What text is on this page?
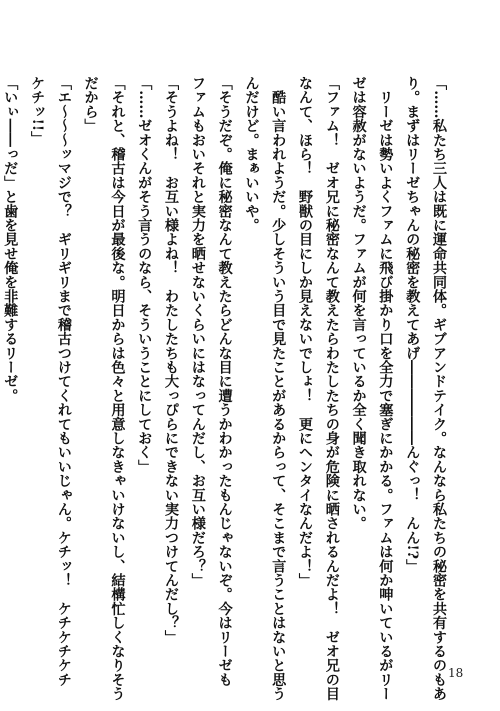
「……私たち三人は既に運命共同体。ギブアンドテイク。なんなら私たちの秘密を共有するのもあ

り。まずはリーゼちゃんの秘密を教えてあげ――――――んぐっ！　んん!?」

　リーゼは勢いよくファムに飛び掛かり口を全力で塞ぎにかかる。ファムは何か呻いているがリー

ゼは容赦がないようだ。ファムが何を言っているか全く聞き取れない。

「ファム！　ゼオ兄に秘密なんて教えたらわたしたちの身が危険に晒されるんだよ！　ゼオ兄の目

なんて、ほら！　野獣の目にしか見えないでしょ！　更にヘンタイなんだよ！」

　酷い言われようだ。少しそういう目で見たことがあるからって、そこまで言うことはないと思う

んだけど。まぁいいや。

「そうだぞ。俺に秘密なんて教えたらどんな目に遭うかわかったもんじゃないぞ。今はリーゼも

ファムもおいそれと実力を晒せないくらいにはなってんだし、お互い様だろ？」

「そうよね！　お互い様よね！　わたしたちも大っぴらにできない実力つけてんだし？」

「……ゼオくんがそう言うのなら、そういうことにしておく」

「それと、稽古は今日が最後な。明日からは色々と用意しなきゃいけないし、結構忙しくなりそう

だから」

「エ～～～ッマジで？　ギリギリまで稽古つけてくれてもいいじゃん。ケチッ！　ケチケチケチ

ケチッ!!」

「いぃ――っだ」と歯を見せ俺を非難するリーゼ。

18
